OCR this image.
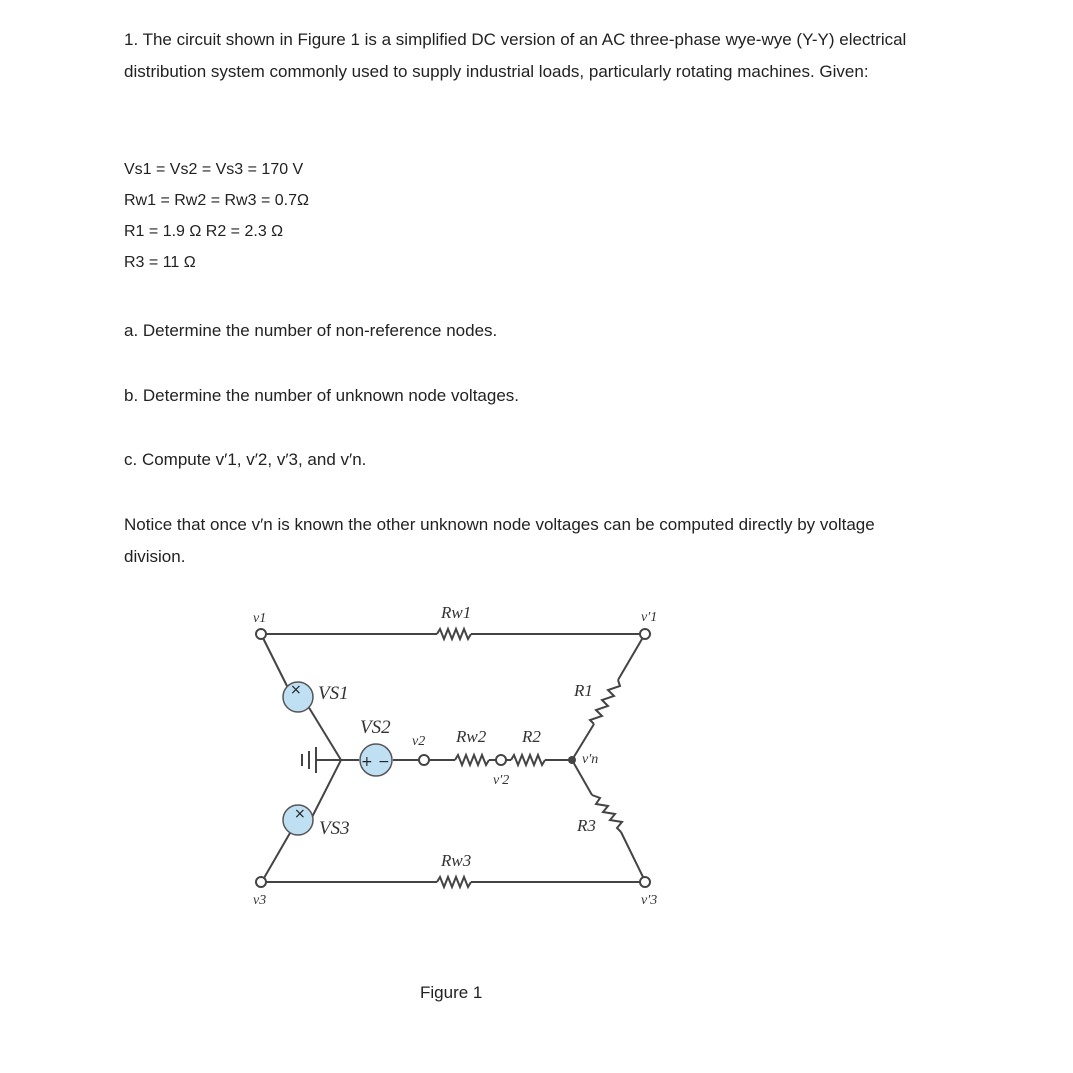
1. The circuit shown in Figure 1 is a simplified DC version of an AC three-phase wye-wye (Y-Y) electrical distribution system commonly used to supply industrial loads, particularly rotating machines. Given:

Vs1 = Vs2 = Vs3 = 170 V
Rw1 = Rw2 = Rw3 = 0.7Ω
R1 = 1.9 Ω R2 = 2.3 Ω
R3 = 11 Ω

a. Determine the number of non-reference nodes.

b. Determine the number of unknown node voltages.

c. Compute v′1, v′2, v′3, and v′n.

Notice that once v′n is known the other unknown node voltages can be computed directly by voltage division.

×
+ −
×
v1	v′1
v3	v′3
v2
v′2
v′n
Rw1
Rw2
Rw3
R1
R2
R3
VS1
VS2
VS3
Figure 1
